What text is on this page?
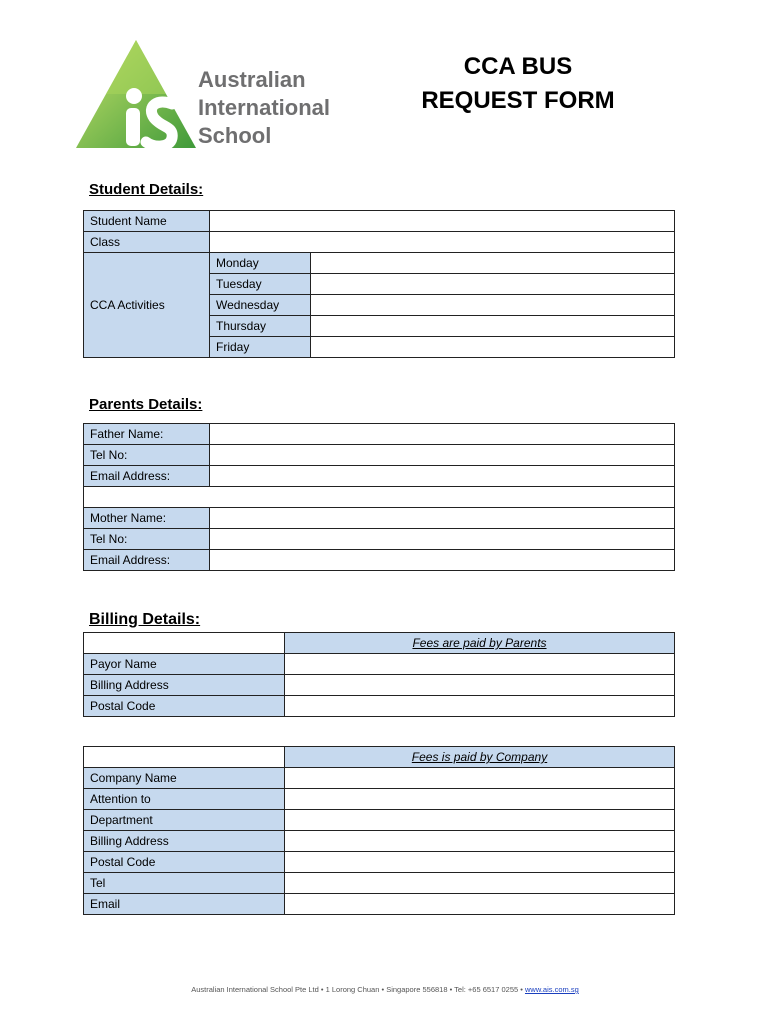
Australian
International
School
CCA BUS
REQUEST FORM
Student Details:
Student Name		
Class		
CCA Activities	Monday	
	Tuesday	
	Wednesday	
	Thursday	
	Friday	
Parents Details:
Father Name:	
Tel No:	
Email Address:	

Mother Name:	
Tel No:	
Email Address:	
Billing Details:
	Fees are paid by Parents
Payor Name	
Billing Address	
Postal Code	
	Fees is paid by Company
Company Name	
Attention to	
Department	
Billing Address	
Postal Code	
Tel	
Email	
Australian International School Pte Ltd • 1 Lorong Chuan • Singapore 556818 • Tel: +65 6517 0255 • www.ais.com.sg
